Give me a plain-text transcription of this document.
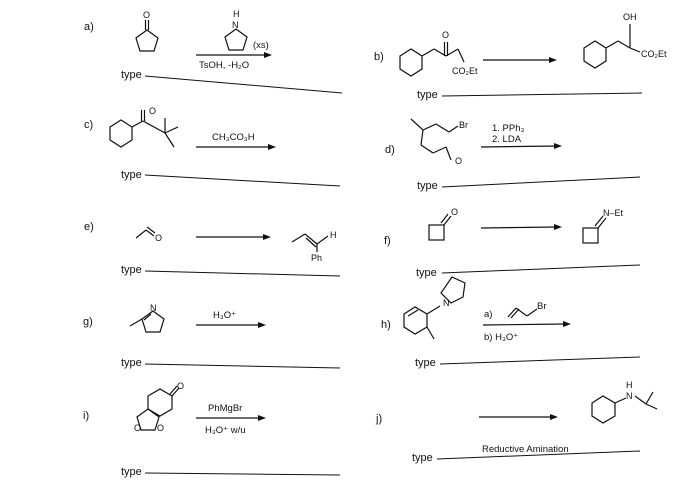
a)
O	H
N
(xs)
TsOH, -H₂O
type
b)
O
CO₂Et
OH
CO₂Et
type
c)
O
CH₃CO₃H
type
d)
Br
O
1. PPh₃
2. LDA
type
e)
O	H
Ph
type
f)
O	N–Et
type
g)
N
H₃O⁺
type
h)
N
a)
Br
b) H₃O⁺
type
i)
O
O O
PhMgBr
H₃O⁺ w/u
type
j)
H
N
type
Reductive Amination
